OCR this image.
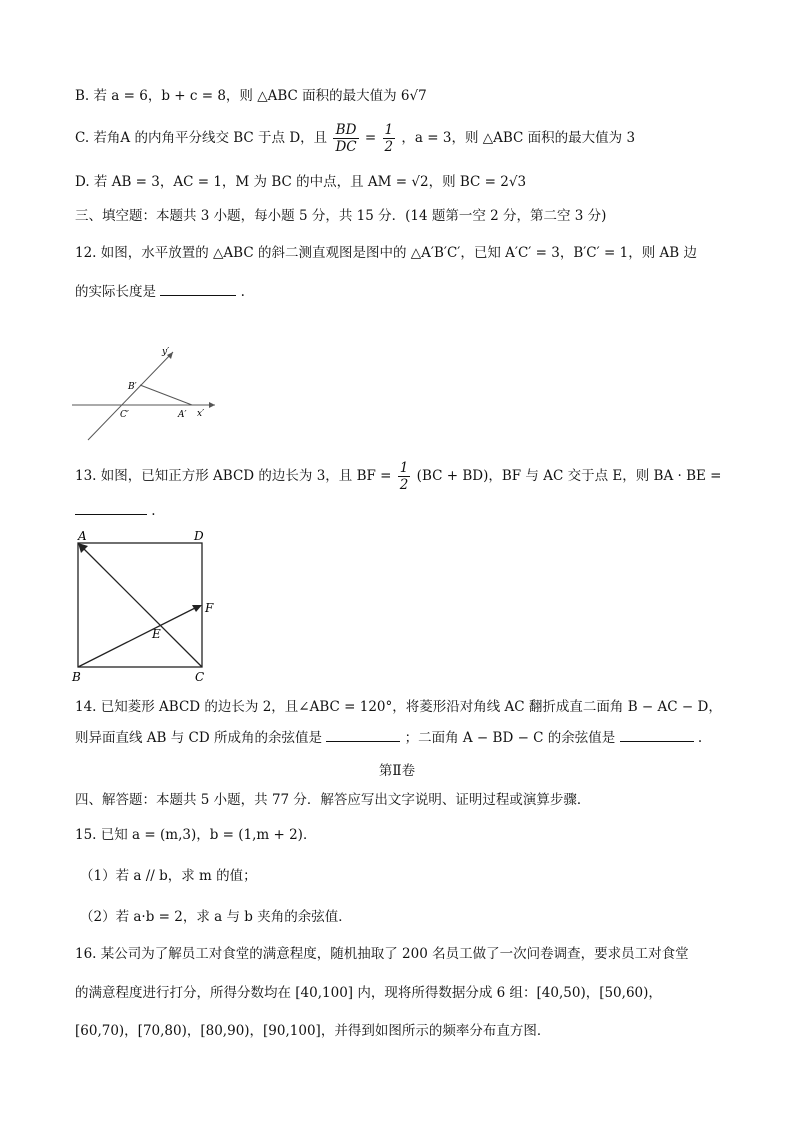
B. 若 a = 6，b + c = 8，则 △ABC 面积的最大值为 6√7
C. 若角A 的内角平分线交 BC 于点 D，且 $\frac{BD}{DC} = \frac{1}{2}$ ，a = 3，则 △ABC 面积的最大值为 3
D. 若 AB = 3，AC = 1，M 为 BC 的中点，且 AM = √2，则 BC = 2√3
三、填空题：本题共 3 小题，每小题 5 分，共 15 分．(14 题第一空 2 分，第二空 3 分)
12. 如图，水平放置的 △ABC 的斜二测直观图是图中的 △A′B′C′，已知 A′C′ = 3，B′C′ = 1，则 AB 边
的实际长度是	.
y′
x′
B′
C′	A′
13. 如图，已知正方形 ABCD 的边长为 3，且 BF = $\frac{1}{2} (BC + BD)$，BF 与 AC 交于点 E，则 BA · BE =
.
A	D
B	C
E
F
14. 已知菱形 ABCD 的边长为 2，且∠ABC = 120°，将菱形沿对角线 AC 翻折成直二面角 B − AC − D，
则异面直线 AB 与 CD 所成角的余弦值是	；二面角 A − BD − C 的余弦值是	.
第Ⅱ卷
四、解答题：本题共 5 小题，共 77 分．解答应写出文字说明、证明过程或演算步骤．
15. 已知 a = (m,3)，b = (1,m + 2)．
（1）若 a // b，求 m 的值；
（2）若 a·b = 2，求 a 与 b 夹角的余弦值．
16. 某公司为了解员工对食堂的满意程度，随机抽取了 200 名员工做了一次问卷调查，要求员工对食堂
的满意程度进行打分，所得分数均在 [40,100] 内，现将所得数据分成 6 组：[40,50)，[50,60)，
[60,70)，[70,80)，[80,90)，[90,100]，并得到如图所示的频率分布直方图．
